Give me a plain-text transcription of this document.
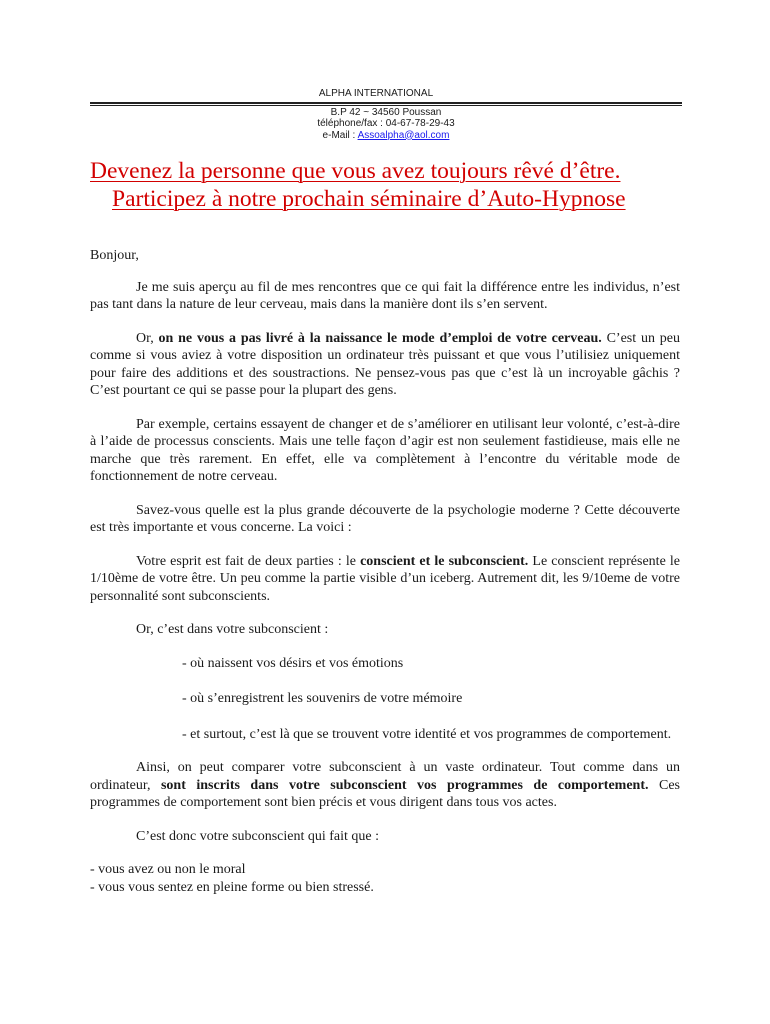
ALPHA INTERNATIONAL
B.P 42 ~ 34560 Poussan
téléphone/fax : 04-67-78-29-43
e-Mail : Assoalpha@aol.com
Devenez la personne que vous avez toujours rêvé d’être.
Participez à notre prochain séminaire d’Auto-Hypnose

Bonjour,

Je me suis aperçu au fil de mes rencontres que ce qui fait la différence entre les individus, n’est pas tant dans la nature de leur cerveau, mais dans la manière dont ils s’en servent.

Or, on ne vous a pas livré à la naissance le mode d’emploi de votre cerveau. C’est un peu comme si vous aviez à votre disposition un ordinateur très puissant et que vous l’utilisiez uniquement pour faire des additions et des soustractions. Ne pensez-vous pas que c’est là un incroyable gâchis ? C’est pourtant ce qui se passe pour la plupart des gens.

Par exemple, certains essayent de changer et de s’améliorer en utilisant leur volonté, c’est-à-dire à l’aide de processus conscients. Mais une telle façon d’agir est non seulement fastidieuse, mais elle ne marche que très rarement. En effet, elle va complètement à l’encontre du véritable mode de fonctionnement de notre cerveau.

Savez-vous quelle est la plus grande découverte de la psychologie moderne ? Cette découverte est très importante et vous concerne. La voici :

Votre esprit est fait de deux parties : le conscient et le subconscient. Le conscient représente le 1/10ème de votre être. Un peu comme la partie visible d’un iceberg. Autrement dit, les 9/10eme de votre personnalité sont subconscients.

Or, c’est dans votre subconscient :

- où naissent vos désirs et vos émotions

- où s’enregistrent les souvenirs de votre mémoire

- et surtout, c’est là que se trouvent votre identité et vos programmes de comportement.

Ainsi, on peut comparer votre subconscient à un vaste ordinateur. Tout comme dans un ordinateur, sont inscrits dans votre subconscient vos programmes de comportement. Ces programmes de comportement sont bien précis et vous dirigent dans tous vos actes.

C’est donc votre subconscient qui fait que :

- vous avez ou non le moral

- vous vous sentez en pleine forme ou bien stressé.
